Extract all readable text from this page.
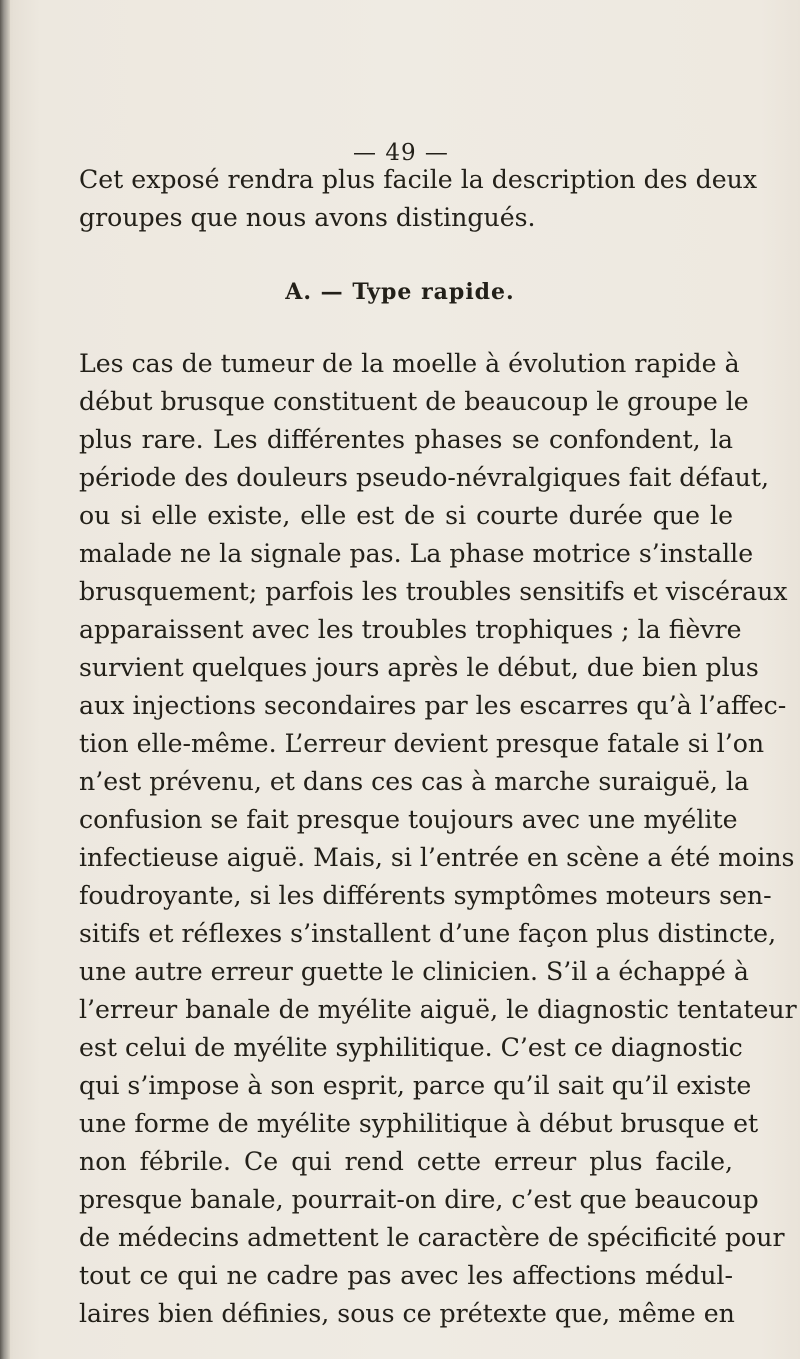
— 49 —
Cet exposé rendra plus facile la description des deux
groupes que nous avons distingués.
A. — Type rapide.
Les cas de tumeur de la moelle à évolution rapide à
début brusque constituent de beaucoup le groupe le
plus rare. Les différentes phases se confondent, la
période des douleurs pseudo-névralgiques fait défaut,
ou si elle existe, elle est de si courte durée que le
malade ne la signale pas. La phase motrice s’installe
brusquement; parfois les troubles sensitifs et viscéraux
apparaissent avec les troubles trophiques ; la fièvre
survient quelques jours après le début, due bien plus
aux injections secondaires par les escarres qu’à l’affec-
tion elle-même. L’erreur devient presque fatale si l’on
n’est prévenu, et dans ces cas à marche suraiguë, la
confusion se fait presque toujours avec une myélite
infectieuse aiguë. Mais, si l’entrée en scène a été moins
foudroyante, si les différents symptômes moteurs sen-
sitifs et réflexes s’installent d’une façon plus distincte,
une autre erreur guette le clinicien. S’il a échappé à
l’erreur banale de myélite aiguë, le diagnostic tentateur
est celui de myélite syphilitique. C’est ce diagnostic
qui s’impose à son esprit, parce qu’il sait qu’il existe
une forme de myélite syphilitique à début brusque et
non fébrile. Ce qui rend cette erreur plus facile,
presque banale, pourrait-on dire, c’est que beaucoup
de médecins admettent le caractère de spécificité pour
tout ce qui ne cadre pas avec les affections médul-
laires bien définies, sous ce prétexte que, même en
